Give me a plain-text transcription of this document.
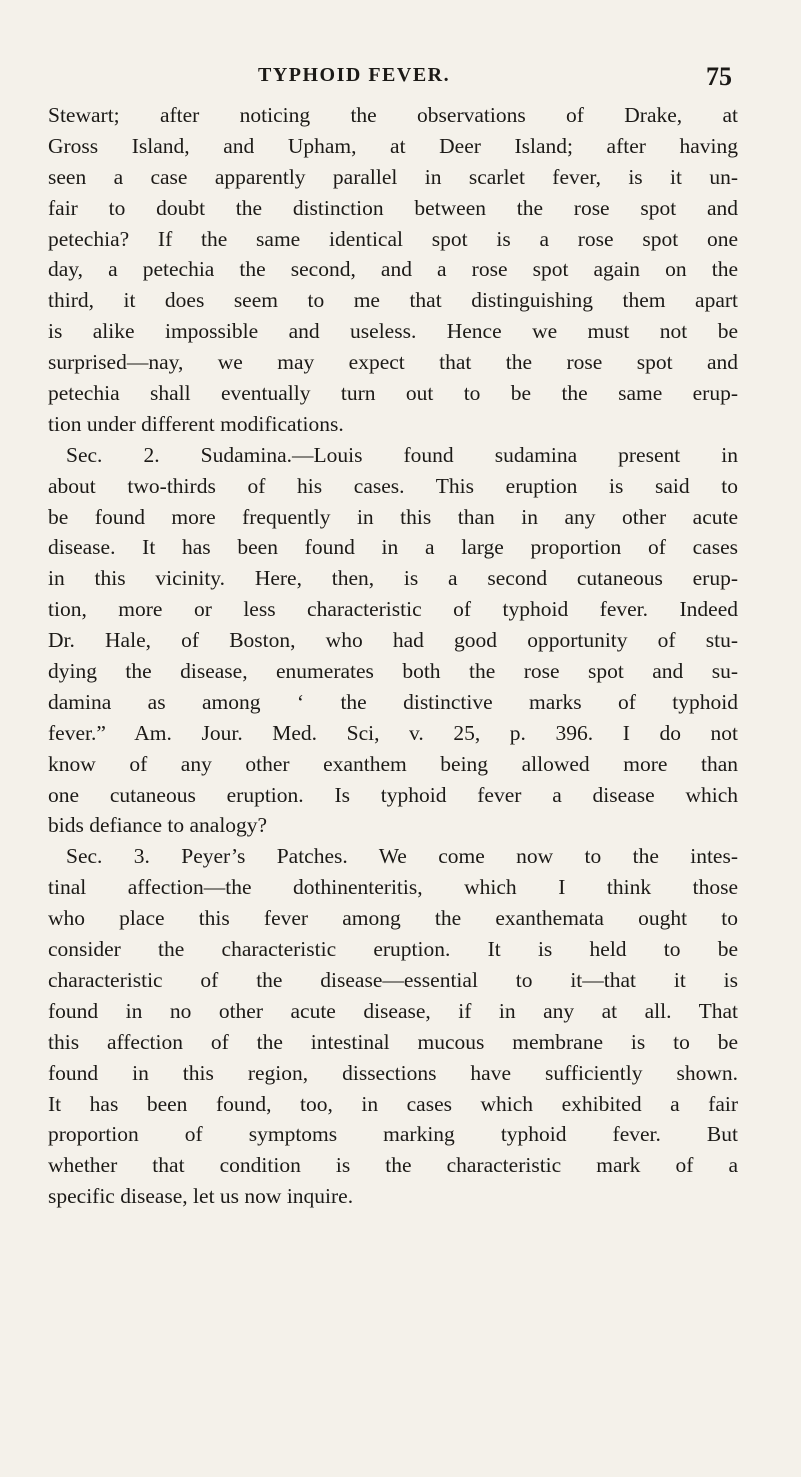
TYPHOID FEVER.	75
Stewart; after noticing the observations of Drake, at
Gross Island, and Upham, at Deer Island; after having
seen a case apparently parallel in scarlet fever, is it un-
fair to doubt the distinction between the rose spot and
petechia? If the same identical spot is a rose spot one
day, a petechia the second, and a rose spot again on the
third, it does seem to me that distinguishing them apart
is alike impossible and useless. Hence we must not be
surprised—nay, we may expect that the rose spot and
petechia shall eventually turn out to be the same erup-
tion under different modifications.
Sec. 2. Sudamina.—Louis found sudamina present in
about two-thirds of his cases. This eruption is said to
be found more frequently in this than in any other acute
disease. It has been found in a large proportion of cases
in this vicinity. Here, then, is a second cutaneous erup-
tion, more or less characteristic of typhoid fever. Indeed
Dr. Hale, of Boston, who had good opportunity of stu-
dying the disease, enumerates both the rose spot and su-
damina as among ‘ the distinctive marks of typhoid
fever.” Am. Jour. Med. Sci, v. 25, p. 396. I do not
know of any other exanthem being allowed more than
one cutaneous eruption. Is typhoid fever a disease which
bids defiance to analogy?
Sec. 3. Peyer’s Patches. We come now to the intes-
tinal affection—the dothinenteritis, which I think those
who place this fever among the exanthemata ought to
consider the characteristic eruption. It is held to be
characteristic of the disease—essential to it—that it is
found in no other acute disease, if in any at all. That
this affection of the intestinal mucous membrane is to be
found in this region, dissections have sufficiently shown.
It has been found, too, in cases which exhibited a fair
proportion of symptoms marking typhoid fever. But
whether that condition is the characteristic mark of a
specific disease, let us now inquire.
